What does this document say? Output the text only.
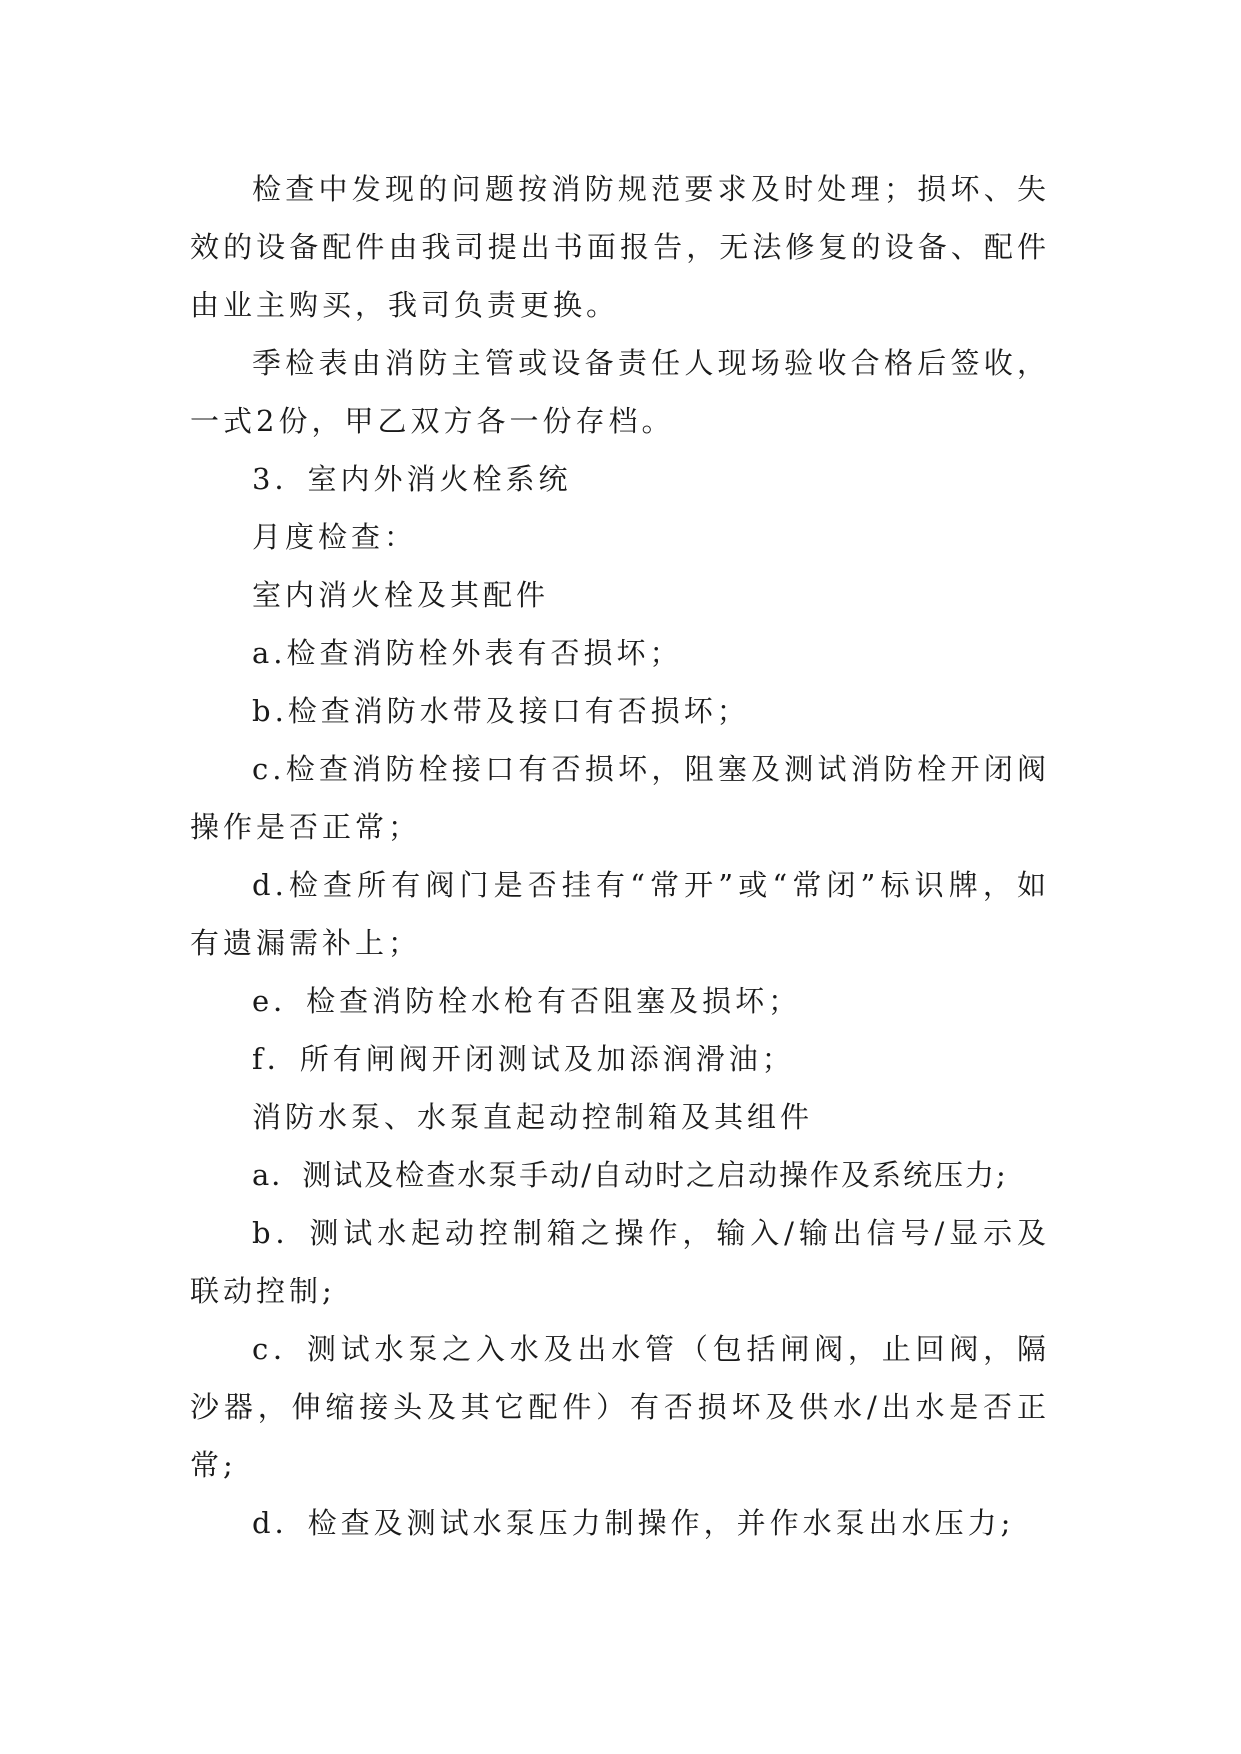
检查中发现的问题按消防规范要求及时处理；损坏、失效的设备配件由我司提出书面报告，无法修复的设备、配件由业主购买，我司负责更换。

季检表由消防主管或设备责任人现场验收合格后签收，一式2份，甲乙双方各一份存档。

3．室内外消火栓系统

月度检查：

室内消火栓及其配件

a.检查消防栓外表有否损坏；

b.检查消防水带及接口有否损坏；

c.检查消防栓接口有否损坏，阻塞及测试消防栓开闭阀操作是否正常；

d.检查所有阀门是否挂有“常开”或“常闭”标识牌，如有遗漏需补上；

e．检查消防栓水枪有否阻塞及损坏；

f．所有闸阀开闭测试及加添润滑油；

消防水泵、水泵直起动控制箱及其组件

a．测试及检查水泵手动/自动时之启动操作及系统压力;

b．测试水起动控制箱之操作，输入/输出信号/显示及联动控制;

c．测试水泵之入水及出水管（包括闸阀，止回阀，隔沙器，伸缩接头及其它配件）有否损坏及供水/出水是否正常;

d．检查及测试水泵压力制操作，并作水泵出水压力;
